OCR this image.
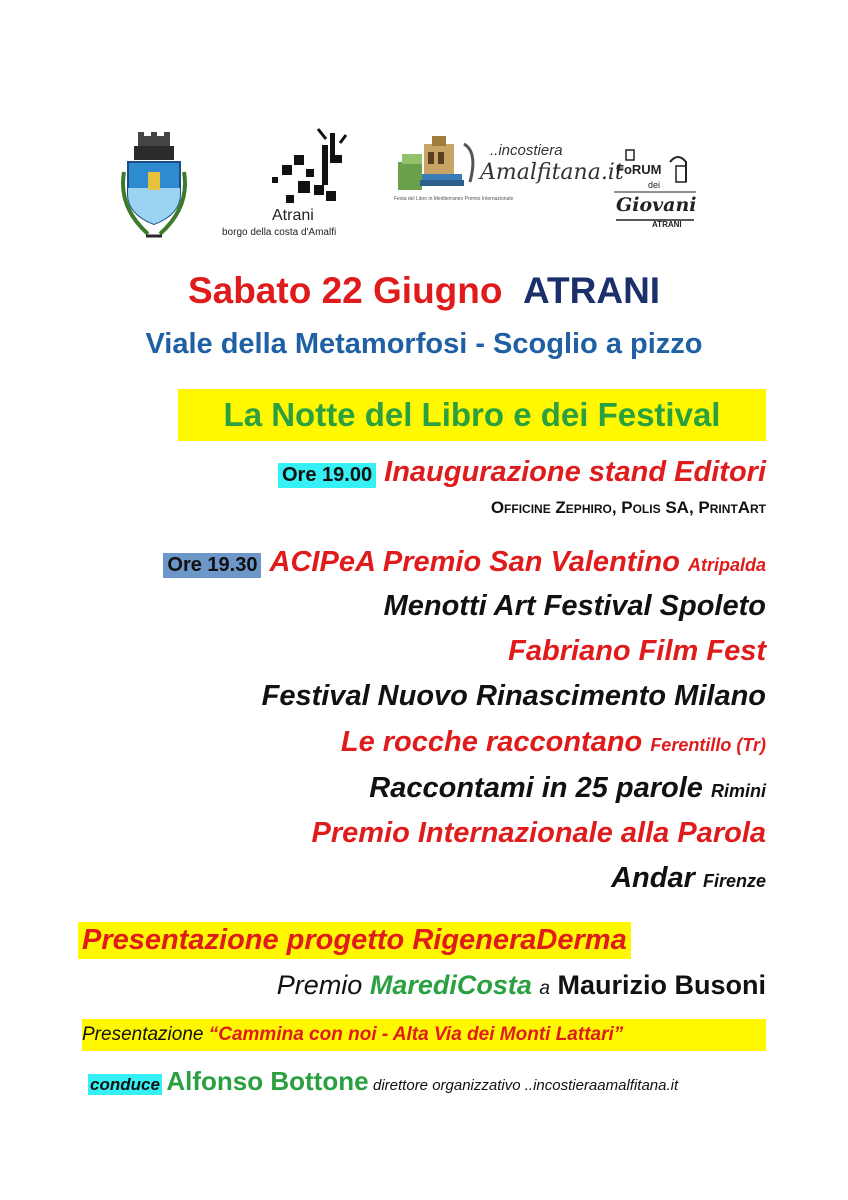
Atrani
borgo della costa d'Amalfi
..incostiera
Amalfitana.it
Festa del Libro in Mediterraneo Premio Internazionale
FoRUM
dei
Giovani
ATRANI
Sabato 22 Giugno ATRANI
Viale della Metamorfosi - Scoglio a pizzo
La Notte del Libro e dei Festival
Ore 19.00 Inaugurazione stand Editori
Officine Zephiro, Polis SA, PrintArt
Ore 19.30 ACIPeA Premio San Valentino Atripalda
Menotti Art Festival Spoleto
Fabriano Film Fest
Festival Nuovo Rinascimento Milano
Le rocche raccontano Ferentillo (Tr)
Raccontami in 25 parole Rimini
Premio Internazionale alla Parola
Andar Firenze
Presentazione progetto RigeneraDerma
Premio MarediCosta a Maurizio Busoni
Presentazione “Cammina con noi - Alta Via dei Monti Lattari”
conduce Alfonso Bottone direttore organizzativo ..incostieraamalfitana.it
